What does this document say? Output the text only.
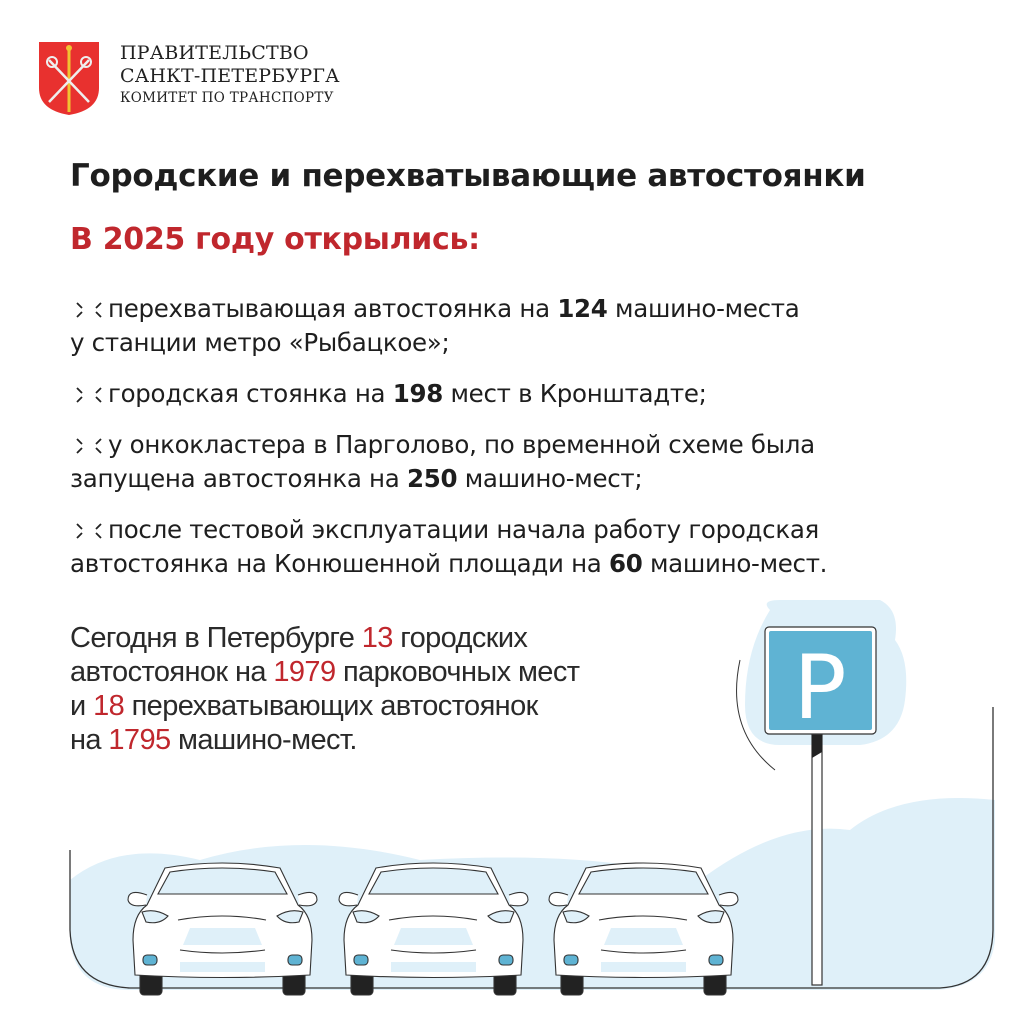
ПРАВИТЕЛЬСТВО
САНКТ-ПЕТЕРБУРГА
КОМИТЕТ ПО ТРАНСПОРТУ
Городские и перехватывающие автостоянки
В 2025 году открылись:
перехватывающая автостоянка на 124 машино-места
у станции метро «Рыбацкое»;
городская стоянка на 198 мест в Кронштадте;
у онкокластера в Парголово, по временной схеме была
запущена автостоянка на 250 машино-мест;
после тестовой эксплуатации начала работу городская
автостоянка на Конюшенной площади на 60 машино-мест.
P
Сегодня в Петербурге 13 городских
автостоянок на 1979 парковочных мест
и 18 перехватывающих автостоянок
на 1795 машино-мест.
